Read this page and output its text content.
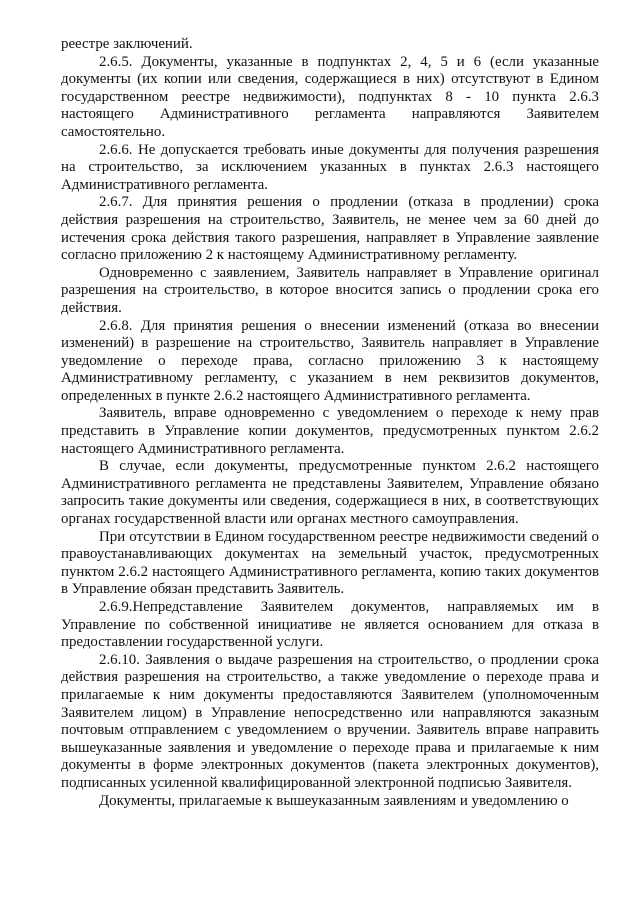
реестре заключений.

2.6.5. Документы, указанные в подпунктах 2, 4, 5 и 6 (если указанные документы (их копии или сведения, содержащиеся в них) отсутствуют в Едином государственном реестре недвижимости), подпунктах 8 - 10 пункта 2.6.3 настоящего Административного регламента направляются Заявителем самостоятельно.

2.6.6. Не допускается требовать иные документы для получения разрешения на строительство, за исключением указанных в пунктах 2.6.3 настоящего Административного регламента.

2.6.7. Для принятия решения о продлении (отказа в продлении) срока действия разрешения на строительство, Заявитель, не менее чем за 60 дней до истечения срока действия такого разрешения, направляет в Управление заявление согласно приложению 2 к настоящему Административному регламенту.

Одновременно с заявлением, Заявитель направляет в Управление оригинал разрешения на строительство, в которое вносится запись о продлении срока его действия.

2.6.8. Для принятия решения о внесении изменений (отказа во внесении изменений) в разрешение на строительство, Заявитель направляет в Управление уведомление о переходе права, согласно приложению 3 к настоящему Административному регламенту, с указанием в нем реквизитов документов, определенных в пункте 2.6.2 настоящего Административного регламента.

Заявитель, вправе одновременно с уведомлением о переходе к нему прав представить в Управление копии документов, предусмотренных пунктом 2.6.2 настоящего Административного регламента.

В случае, если документы, предусмотренные пунктом 2.6.2 настоящего Административного регламента не представлены Заявителем, Управление обязано запросить такие документы или сведения, содержащиеся в них, в соответствующих органах государственной власти или органах местного самоуправления.

При отсутствии в Едином государственном реестре недвижимости сведений о правоустанавливающих документах на земельный участок, предусмотренных пунктом 2.6.2 настоящего Административного регламента, копию таких документов в Управление обязан представить Заявитель.

2.6.9.Непредставление Заявителем документов, направляемых им в Управление по собственной инициативе не является основанием для отказа в предоставлении государственной услуги.

2.6.10. Заявления о выдаче разрешения на строительство, о продлении срока действия разрешения на строительство, а также уведомление о переходе права и прилагаемые к ним документы предоставляются Заявителем (уполномоченным Заявителем лицом) в Управление непосредственно или направляются заказным почтовым отправлением с уведомлением о вручении. Заявитель вправе направить вышеуказанные заявления и уведомление о переходе права и прилагаемые к ним документы в форме электронных документов (пакета электронных документов), подписанных усиленной квалифицированной электронной подписью Заявителя.

Документы, прилагаемые к вышеуказанным заявлениям и уведомлению о
